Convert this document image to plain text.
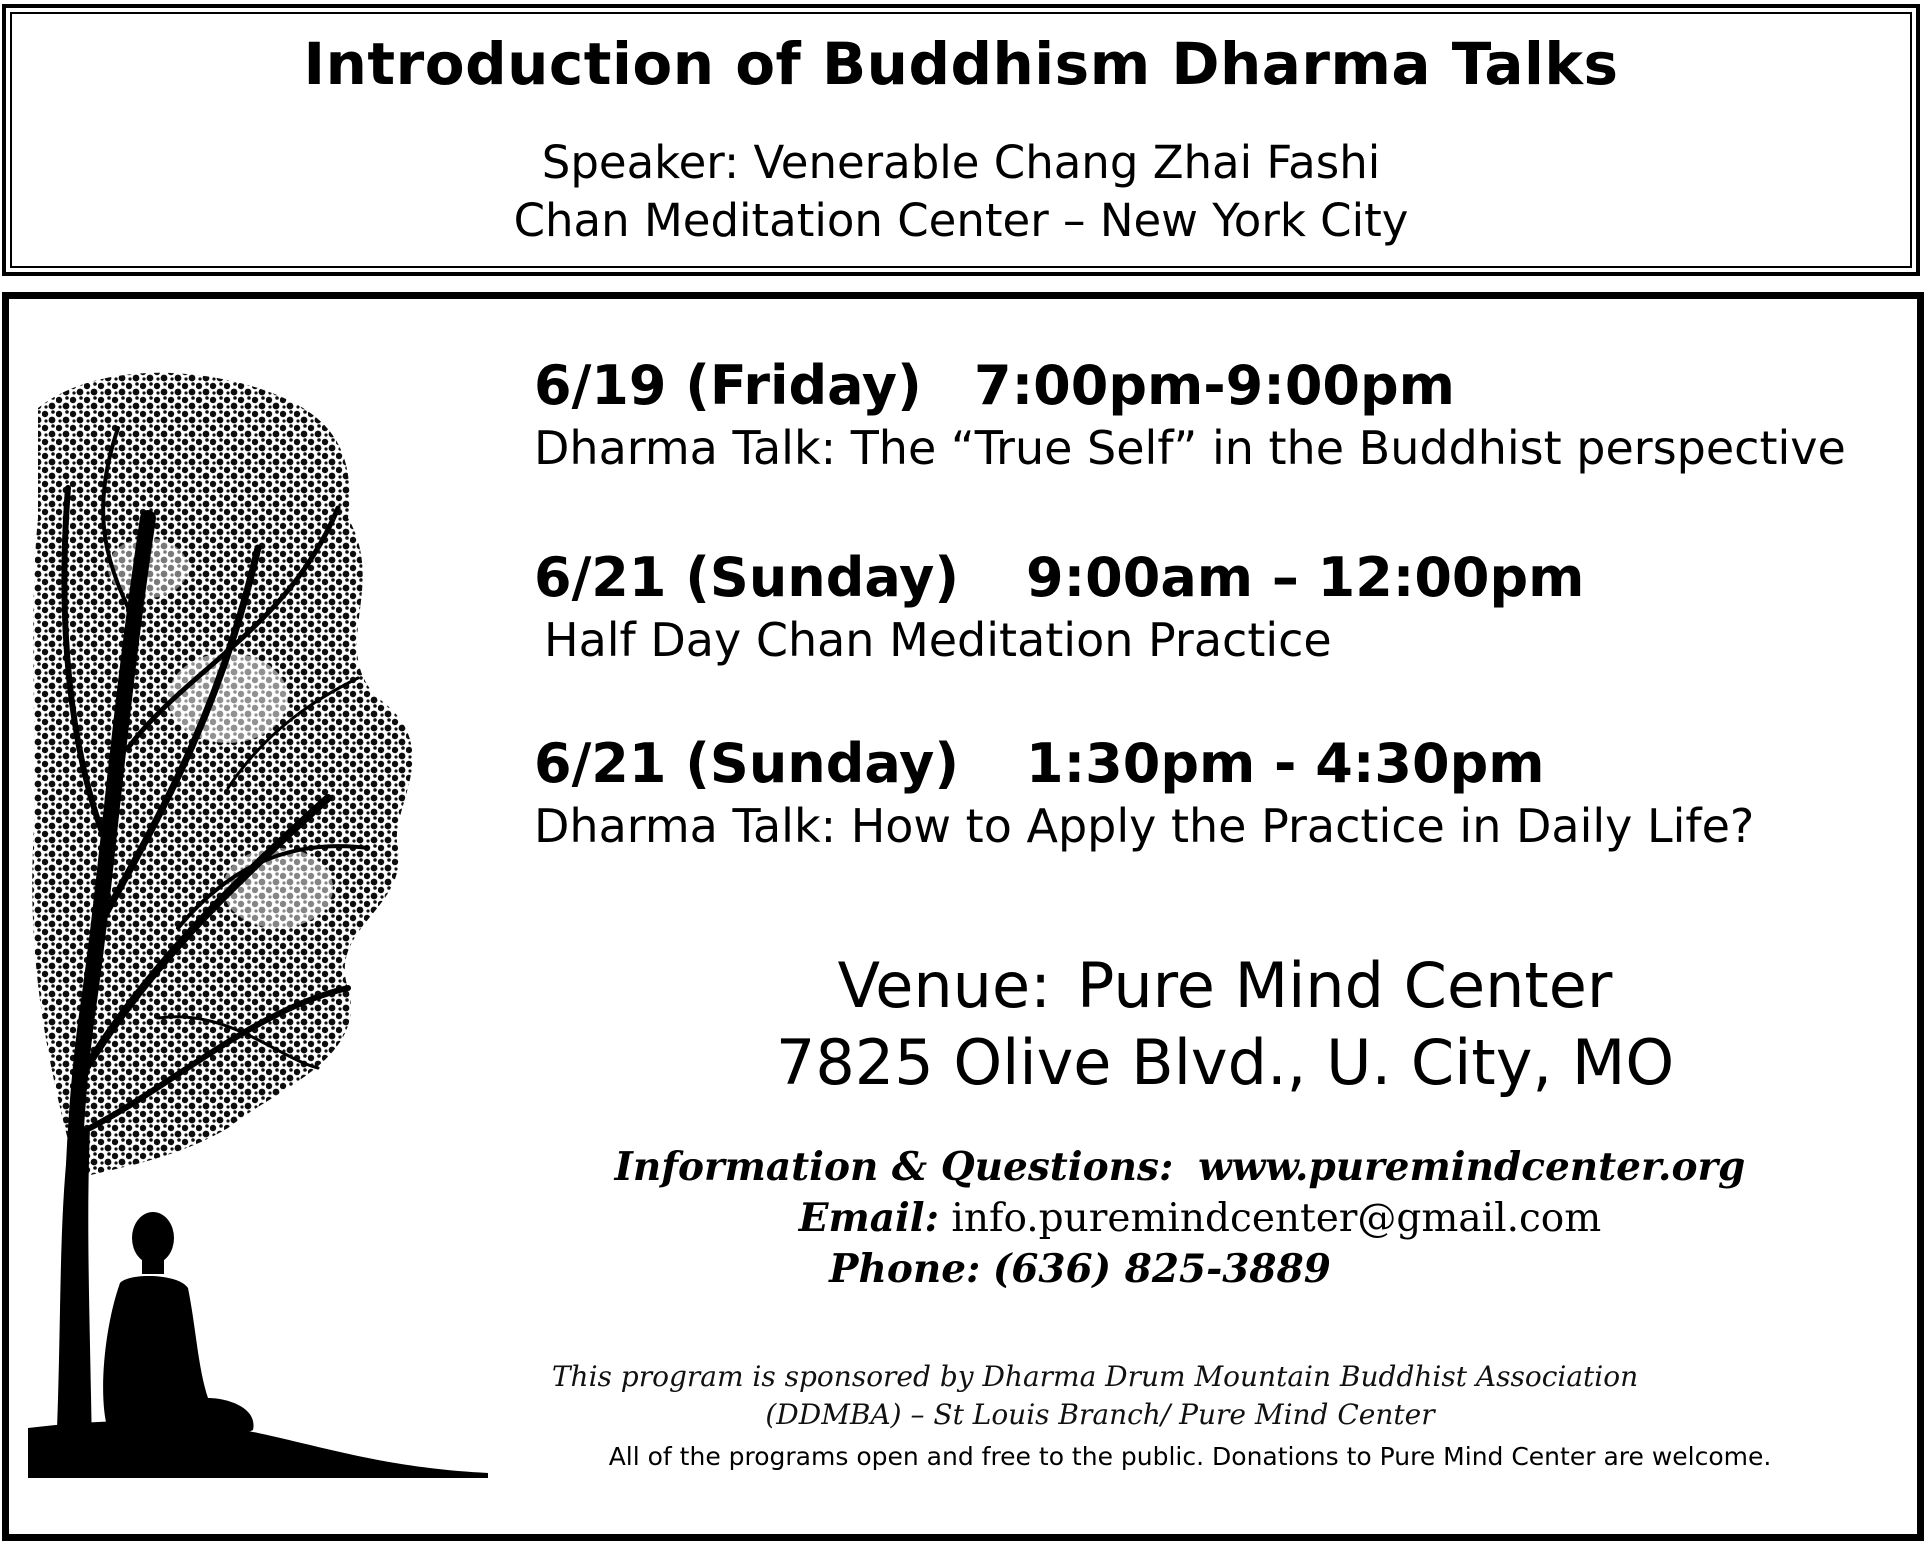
Introduction of Buddhism Dharma Talks
Speaker: Venerable Chang Zhai Fashi
Chan Meditation Center – New York City
6/19 (Friday) 7:00pm-9:00pm
Dharma Talk: The “True Self” in the Buddhist perspective
6/21 (Sunday) 9:00am – 12:00pm
Half Day Chan Meditation Practice
6/21 (Sunday) 1:30pm - 4:30pm
Dharma Talk: How to Apply the Practice in Daily Life?
Venue: Pure Mind Center
7825 Olive Blvd., U. City, MO
Information & Questions: www.puremindcenter.org
Email: info.puremindcenter@gmail.com
Phone: (636) 825-3889
This program is sponsored by Dharma Drum Mountain Buddhist Association
(DDMBA) – St Louis Branch/ Pure Mind Center
All of the programs open and free to the public. Donations to Pure Mind Center are welcome.
